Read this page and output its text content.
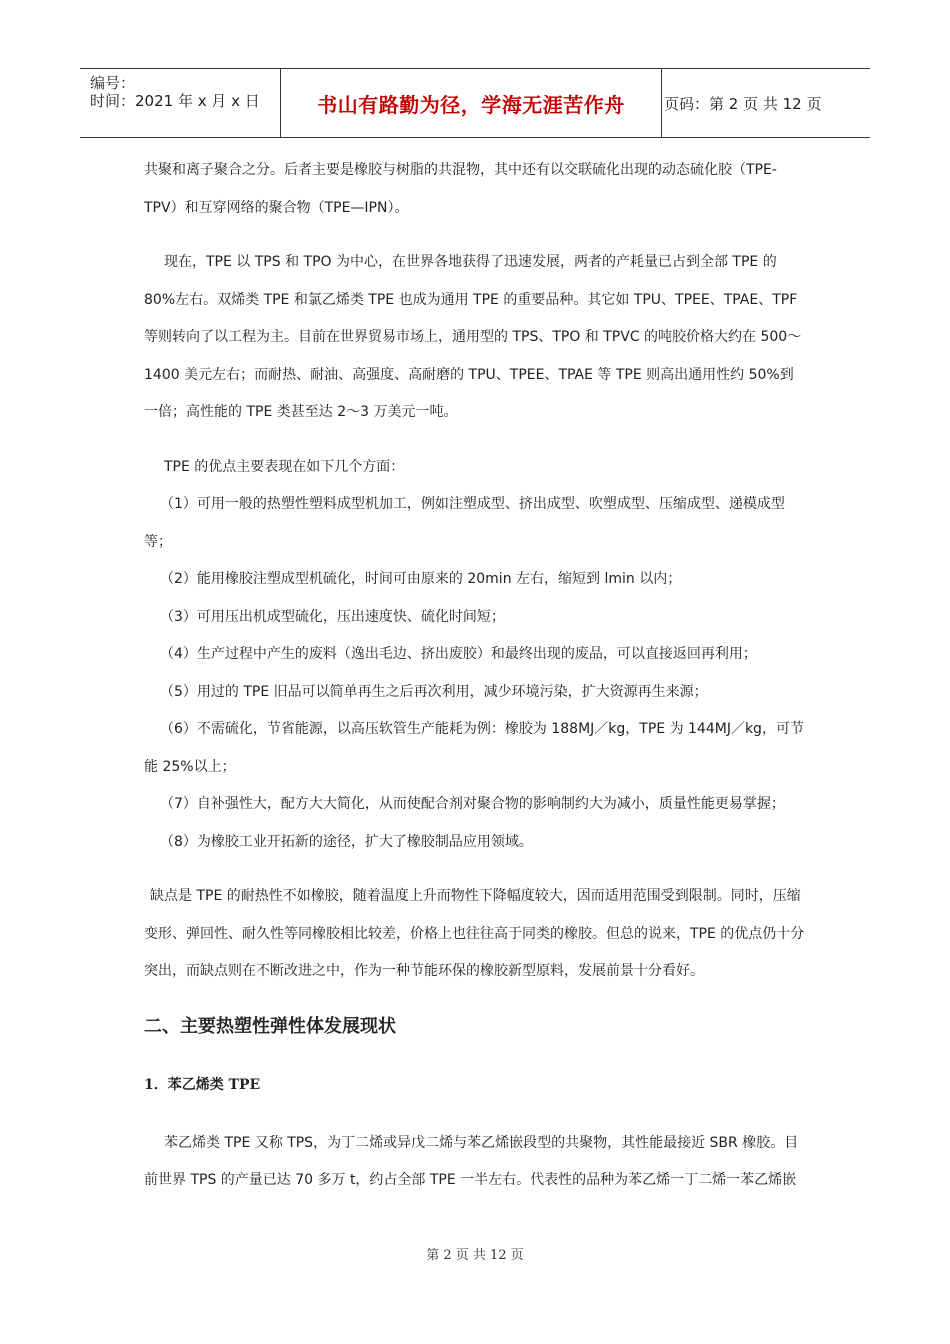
编号：
时间：2021 年 x 月 x 日	书山有路勤为径，学海无涯苦作舟	页码：第 2 页 共 12 页

共聚和离子聚合之分。后者主要是橡胶与树脂的共混物，其中还有以交联硫化出现的动态硫化胶（TPE-TPV）和互穿网络的聚合物（TPE—IPN）。

现在，TPE 以 TPS 和 TPO 为中心，在世界各地获得了迅速发展，两者的产耗量已占到全部 TPE 的 80%左右。双烯类 TPE 和氯乙烯类 TPE 也成为通用 TPE 的重要品种。其它如 TPU、TPEE、TPAE、TPF 等则转向了以工程为主。目前在世界贸易市场上，通用型的 TPS、TPO 和 TPVC 的吨胶价格大约在 500～1400 美元左右；而耐热、耐油、高强度、高耐磨的 TPU、TPEE、TPAE 等 TPE 则高出通用性约 50%到一倍；高性能的 TPE 类甚至达 2～3 万美元一吨。

TPE 的优点主要表现在如下几个方面：

（1）可用一般的热塑性塑料成型机加工，例如注塑成型、挤出成型、吹塑成型、压缩成型、递模成型等；

（2）能用橡胶注塑成型机硫化，时间可由原来的 20min 左右，缩短到 lmin 以内；

（3）可用压出机成型硫化，压出速度快、硫化时间短；

（4）生产过程中产生的废料（逸出毛边、挤出废胶）和最终出现的废品，可以直接返回再利用；

（5）用过的 TPE 旧品可以简单再生之后再次利用，减少环境污染，扩大资源再生来源；

（6）不需硫化，节省能源，以高压软管生产能耗为例：橡胶为 188MJ／kg，TPE 为 144MJ／kg，可节能 25%以上；

（7）自补强性大，配方大大简化，从而使配合剂对聚合物的影响制约大为减小，质量性能更易掌握；

（8）为橡胶工业开拓新的途径，扩大了橡胶制品应用领域。

缺点是 TPE 的耐热性不如橡胶，随着温度上升而物性下降幅度较大，因而适用范围受到限制。同时，压缩变形、弹回性、耐久性等同橡胶相比较差，价格上也往往高于同类的橡胶。但总的说来，TPE 的优点仍十分突出，而缺点则在不断改进之中，作为一种节能环保的橡胶新型原料，发展前景十分看好。

二、主要热塑性弹性体发展现状

1．苯乙烯类 TPE

苯乙烯类 TPE 又称 TPS，为丁二烯或异戊二烯与苯乙烯嵌段型的共聚物，其性能最接近 SBR 橡胶。目前世界 TPS 的产量已达 70 多万 t，约占全部 TPE 一半左右。代表性的品种为苯乙烯一丁二烯一苯乙烯嵌

第 2 页 共 12 页
